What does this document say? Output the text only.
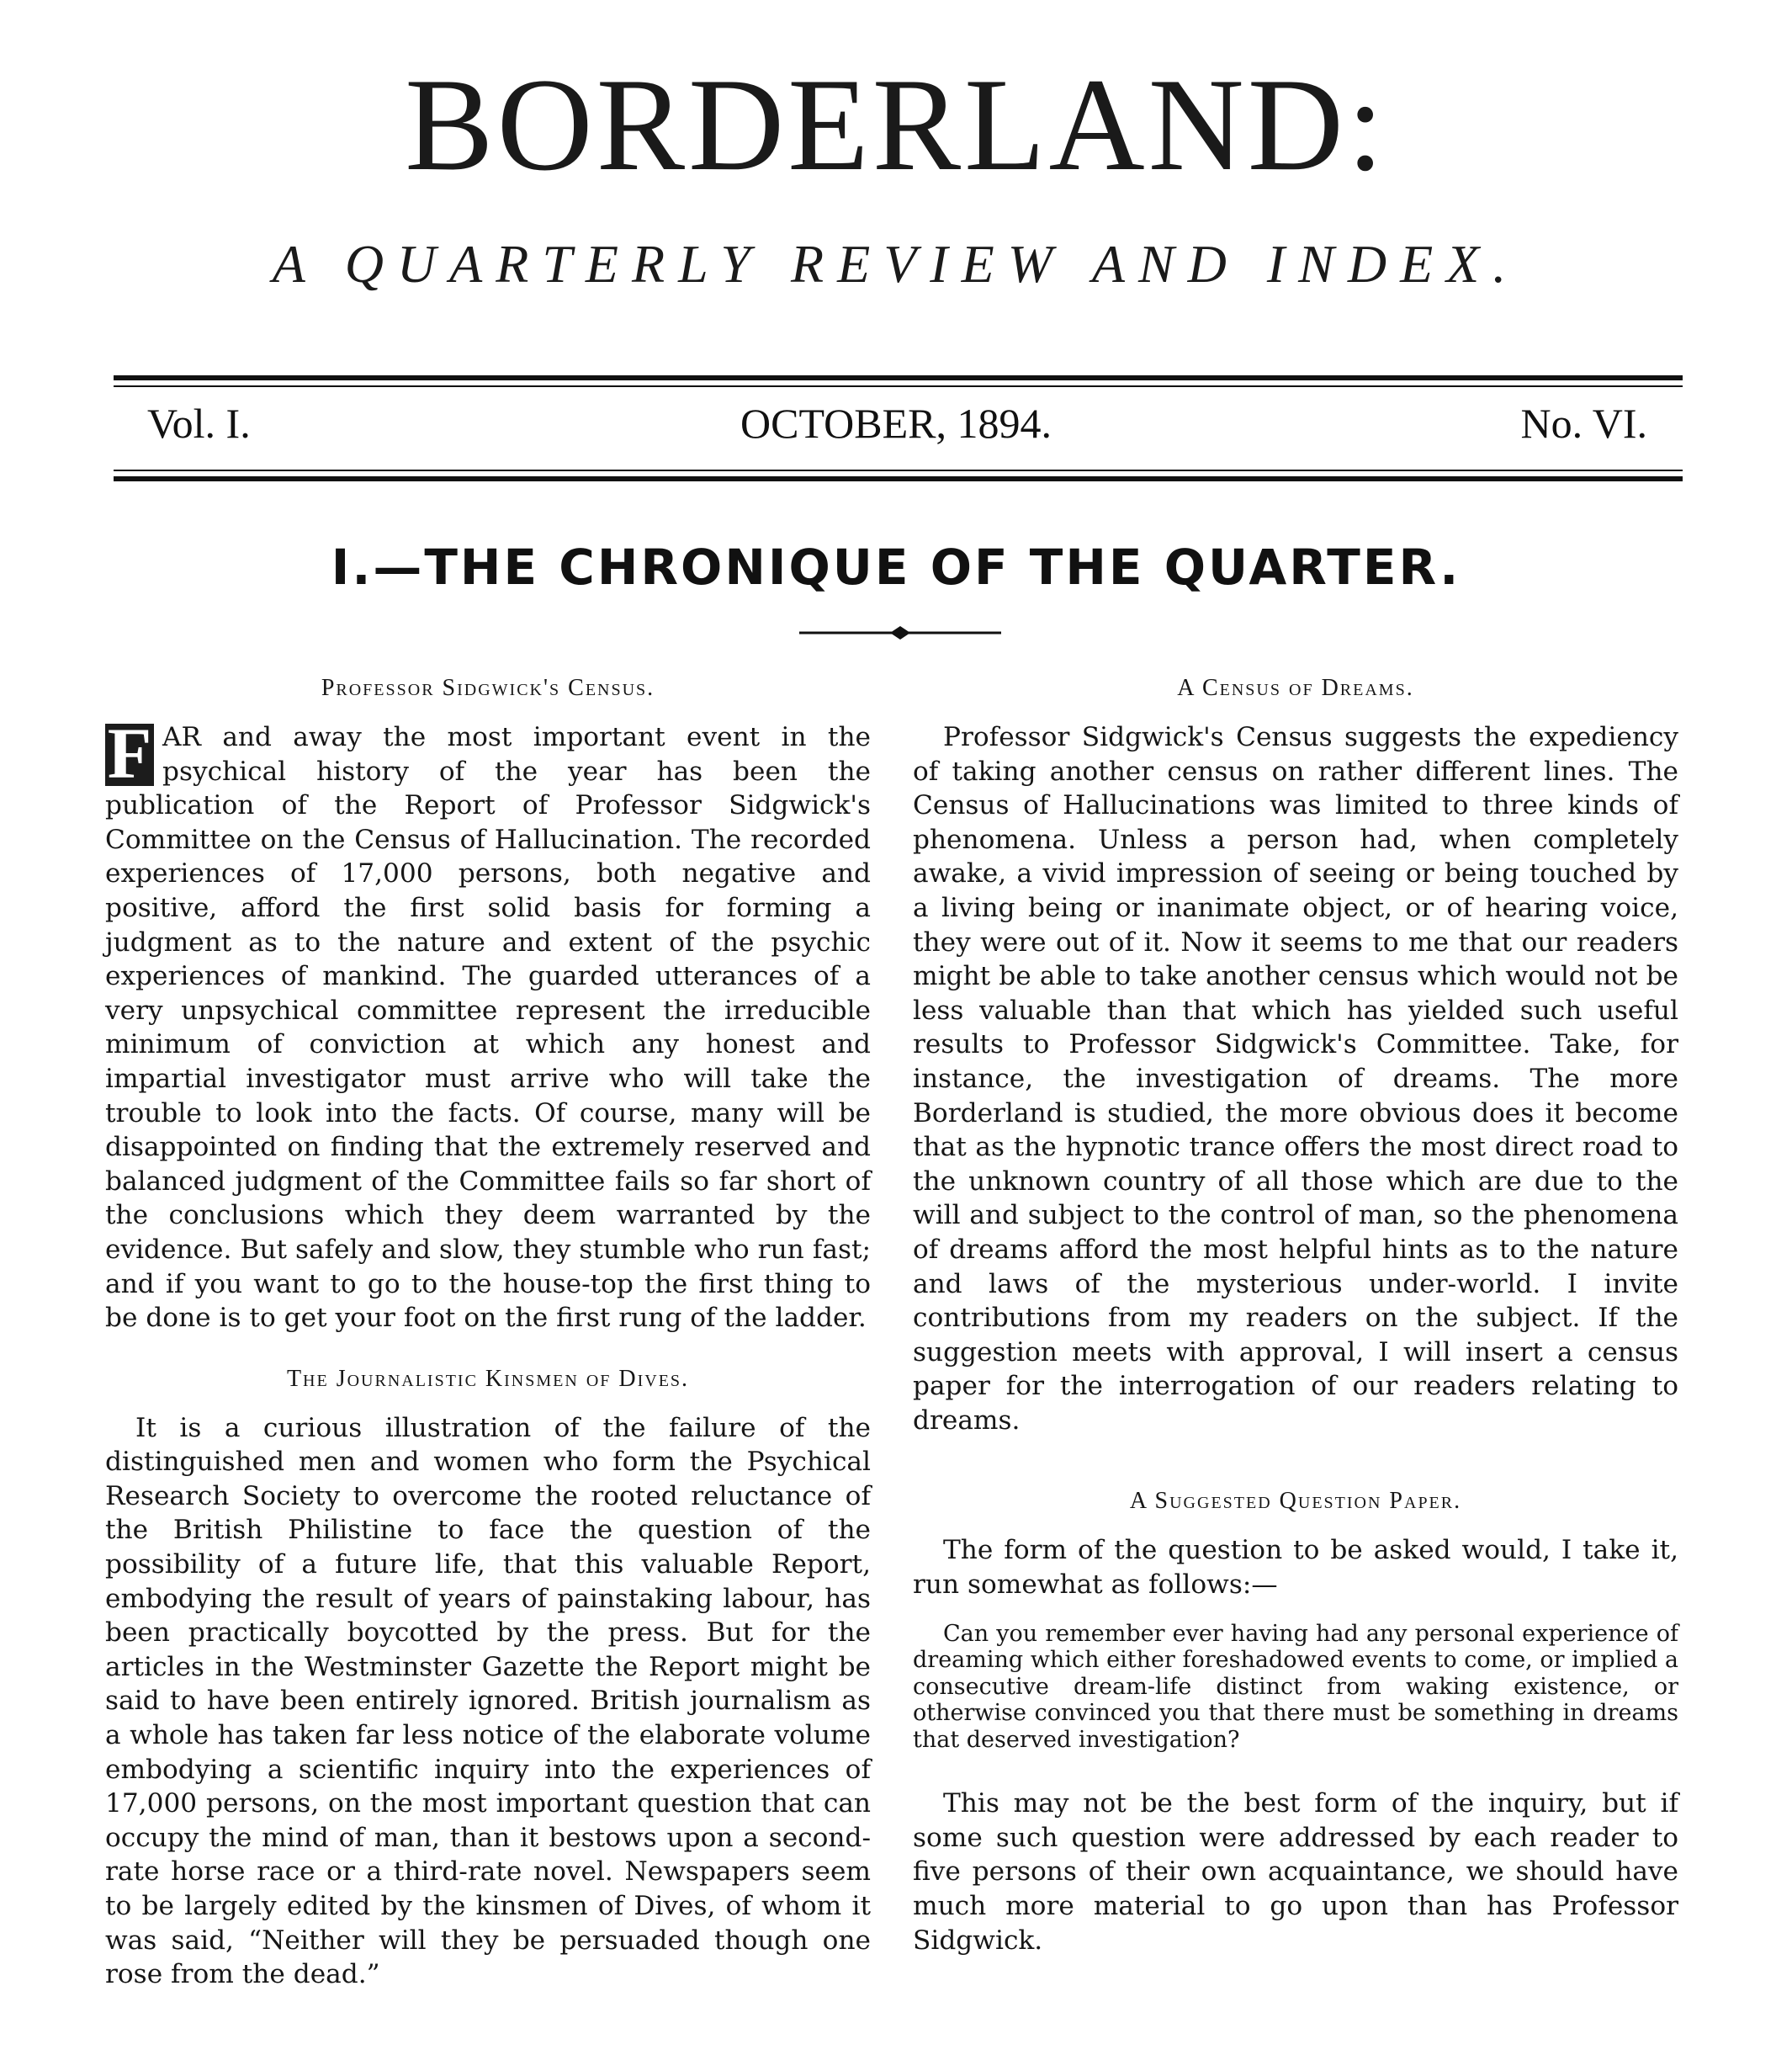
BORDERLAND:
A QUARTERLY REVIEW AND INDEX.
Vol. I.	OCTOBER, 1894.	No. VI.
I.—THE CHRONIQUE OF THE QUARTER.
Professor Sidgwick's Census.

F AR and away the most important event in the psychical history of the year has been the publication of the Report of Professor Sidgwick's Committee on the Census of Hallucination. The recorded experiences of 17,000 persons, both negative and positive, afford the first solid basis for forming a judgment as to the nature and extent of the psychic experiences of mankind. The guarded utterances of a very unpsychical committee represent the irreducible minimum of conviction at which any honest and impartial investigator must arrive who will take the trouble to look into the facts. Of course, many will be disappointed on finding that the extremely reserved and balanced judgment of the Committee fails so far short of the conclusions which they deem warranted by the evidence. But safely and slow, they stumble who run fast; and if you want to go to the house-top the first thing to be done is to get your foot on the first rung of the ladder.

The Journalistic Kinsmen of Dives.

It is a curious illustration of the failure of the distinguished men and women who form the Psychical Research Society to overcome the rooted reluctance of the British Philistine to face the question of the possibility of a future life, that this valuable Report, embodying the result of years of painstaking labour, has been practically boycotted by the press. But for the articles in the Westminster Gazette the Report might be said to have been entirely ignored. British journalism as a whole has taken far less notice of the elaborate volume embodying a scientific inquiry into the experiences of 17,000 persons, on the most important question that can occupy the mind of man, than it bestows upon a second-rate horse race or a third-rate novel. Newspapers seem to be largely edited by the kinsmen of Dives, of whom it was said, “Neither will they be persuaded though one rose from the dead.”

A Census of Dreams.

Professor Sidgwick's Census suggests the expediency of taking another census on rather different lines. The Census of Hallucinations was limited to three kinds of phenomena. Unless a person had, when completely awake, a vivid impression of seeing or being touched by a living being or inanimate object, or of hearing voice, they were out of it. Now it seems to me that our readers might be able to take another census which would not be less valuable than that which has yielded such useful results to Professor Sidgwick's Committee. Take, for instance, the investigation of dreams. The more Borderland is studied, the more obvious does it become that as the hypnotic trance offers the most direct road to the unknown country of all those which are due to the will and subject to the control of man, so the phenomena of dreams afford the most helpful hints as to the nature and laws of the mysterious under-world. I invite contributions from my readers on the subject. If the suggestion meets with approval, I will insert a census paper for the interrogation of our readers relating to dreams.

A Suggested Question Paper.

The form of the question to be asked would, I take it, run somewhat as follows:—

Can you remember ever having had any personal experience of dreaming which either foreshadowed events to come, or implied a consecutive dream-life distinct from waking existence, or otherwise convinced you that there must be something in dreams that deserved investigation?

This may not be the best form of the inquiry, but if some such question were addressed by each reader to five persons of their own acquaintance, we should have much more material to go upon than has Professor Sidgwick.
